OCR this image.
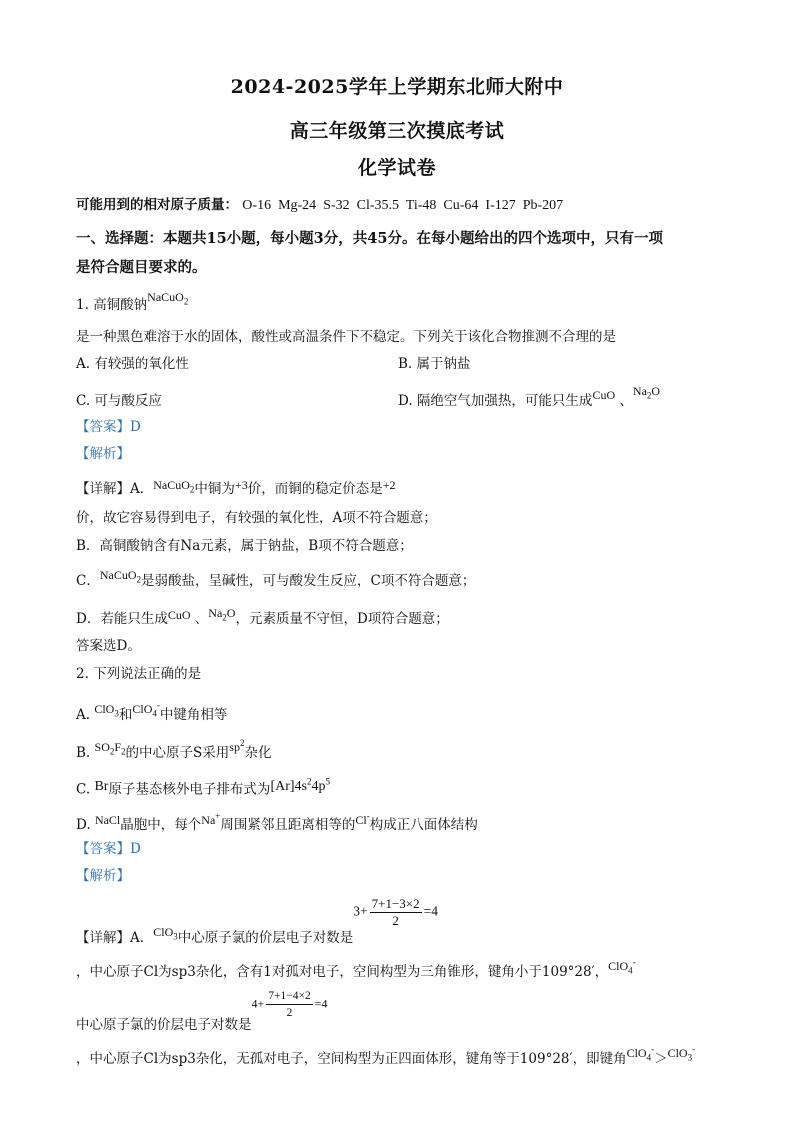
2024-2025学年上学期东北师大附中
高三年级第三次摸底考试
化学试卷
可能用到的相对原子质量： O-16  Mg-24  S-32  Cl-35.5  Ti-48  Cu-64  I-127  Pb-207
一、选择题：本题共15小题，每小题3分，共45分。在每小题给出的四个选项中，只有一项
是符合题目要求的。
1. 高铜酸钠NaCuO$_2$
是一种黑色难溶于水的固体，酸性或高温条件下不稳定。下列关于该化合物推测不合理的是
A. 有较强的氧化性	B. 属于钠盐
C. 可与酸反应	D. 隔绝空气加强热，可能只生成CuO 、$Na_2O$
【答案】D
【解析】
【详解】A．NaCuO$_2$中铜为+3价，而铜的稳定价态是+2
价，故它容易得到电子，有较强的氧化性，A项不符合题意；
B．高铜酸钠含有Na元素，属于钠盐，B项不符合题意；
C．NaCuO$_2$是弱酸盐，呈碱性，可与酸发生反应，C项不符合题意；
D．若能只生成CuO 、$Na_2O$，元素质量不守恒，D项符合题意；
答案选D。
2. 下列说法正确的是
A. ClO$_3$和ClO$_4$-中键角相等
B. $SO_2F_2$的中心原子S采用$sp^2$杂化
C. Br原子基态核外电子排布式为$[Ar]4s^24p^5$
D. NaCl晶胞中，每个Na+周围紧邻且距离相等的Cl-构成正八面体结构
【答案】D
【解析】
【详解】A．ClO$_3$中心原子氯的价层电子对数是$3+ \frac{7+1-3\times 2}{2} =4$
，中心原子Cl为sp3杂化，含有1对孤对电子，空间构型为三角锥形，键角小于109°28′，ClO$_4$-
中心原子氯的价层电子对数是$4+ \frac{7+1-4\times 2}{2} =4$
，中心原子Cl为sp3杂化，无孤对电子，空间构型为正四面体形，键角等于109°28′，即键角ClO$_4$-＞ClO$_3$-
